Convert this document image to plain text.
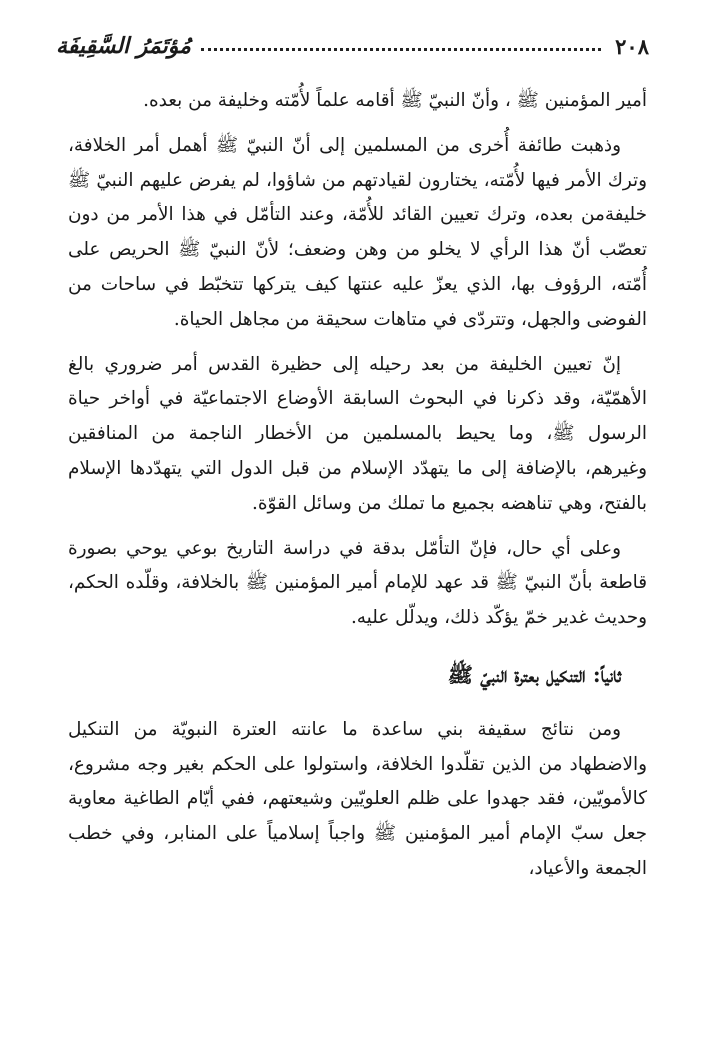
٢٠٨
مُؤتَمَرُ السَّقِيفَة

أمير المؤمنين ﷺ ، وأنّ النبيّ ﷺ أقامه علماً لأُمّته وخليفة من بعده.

وذهبت طائفة أُخرى من المسلمين إلى أنّ النبيّ ﷺ أهمل أمر الخلافة، وترك الأمر فيها لأُمّته، يختارون لقيادتهم من شاؤوا، لم يفرض عليهم النبيّ ﷺ خليفةمن بعده، وترك تعيين القائد للأُمّة، وعند التأمّل في هذا الأمر من دون تعصّب أنّ هذا الرأي لا يخلو من وهن وضعف؛ لأنّ النبيّ ﷺ الحريص على أُمّته، الرؤوف بها، الذي يعزّ عليه عنتها كيف يتركها تتخبّط في ساحات من الفوضى والجهل، وتتردّى في متاهات سحيقة من مجاهل الحياة.

إنّ تعيين الخليفة من بعد رحيله إلى حظيرة القدس أمر ضروري بالغ الأهمّيّة، وقد ذكرنا في البحوث السابقة الأوضاع الاجتماعيّة في أواخر حياة الرسول ﷺ، وما يحيط بالمسلمين من الأخطار الناجمة من المنافقين وغيرهم، بالإضافة إلى ما يتهدّد الإسلام من قبل الدول التي يتهدّدها الإسلام بالفتح، وهي تناهضه بجميع ما تملك من وسائل القوّة.

وعلى أي حال، فإنّ التأمّل بدقة في دراسة التاريخ بوعي يوحي بصورة قاطعة بأنّ النبيّ ﷺ قد عهد للإمام أمير المؤمنين ﷺ بالخلافة، وقلّده الحكم، وحديث غدير خمّ يؤكّد ذلك، ويدلّل عليه.

ثانياً: التنكيل بعترة النبيّ ﷺ

ومن نتائج سقيفة بني ساعدة ما عانته العترة النبويّة من التنكيل والاضطهاد من الذين تقلّدوا الخلافة، واستولوا على الحكم بغير وجه مشروع، كالأمويّين، فقد جهدوا على ظلم العلويّين وشيعتهم، ففي أيّام الطاغية معاوية جعل سبّ الإمام أمير المؤمنين ﷺ واجباً إسلامياً على المنابر، وفي خطب الجمعة والأعياد،
